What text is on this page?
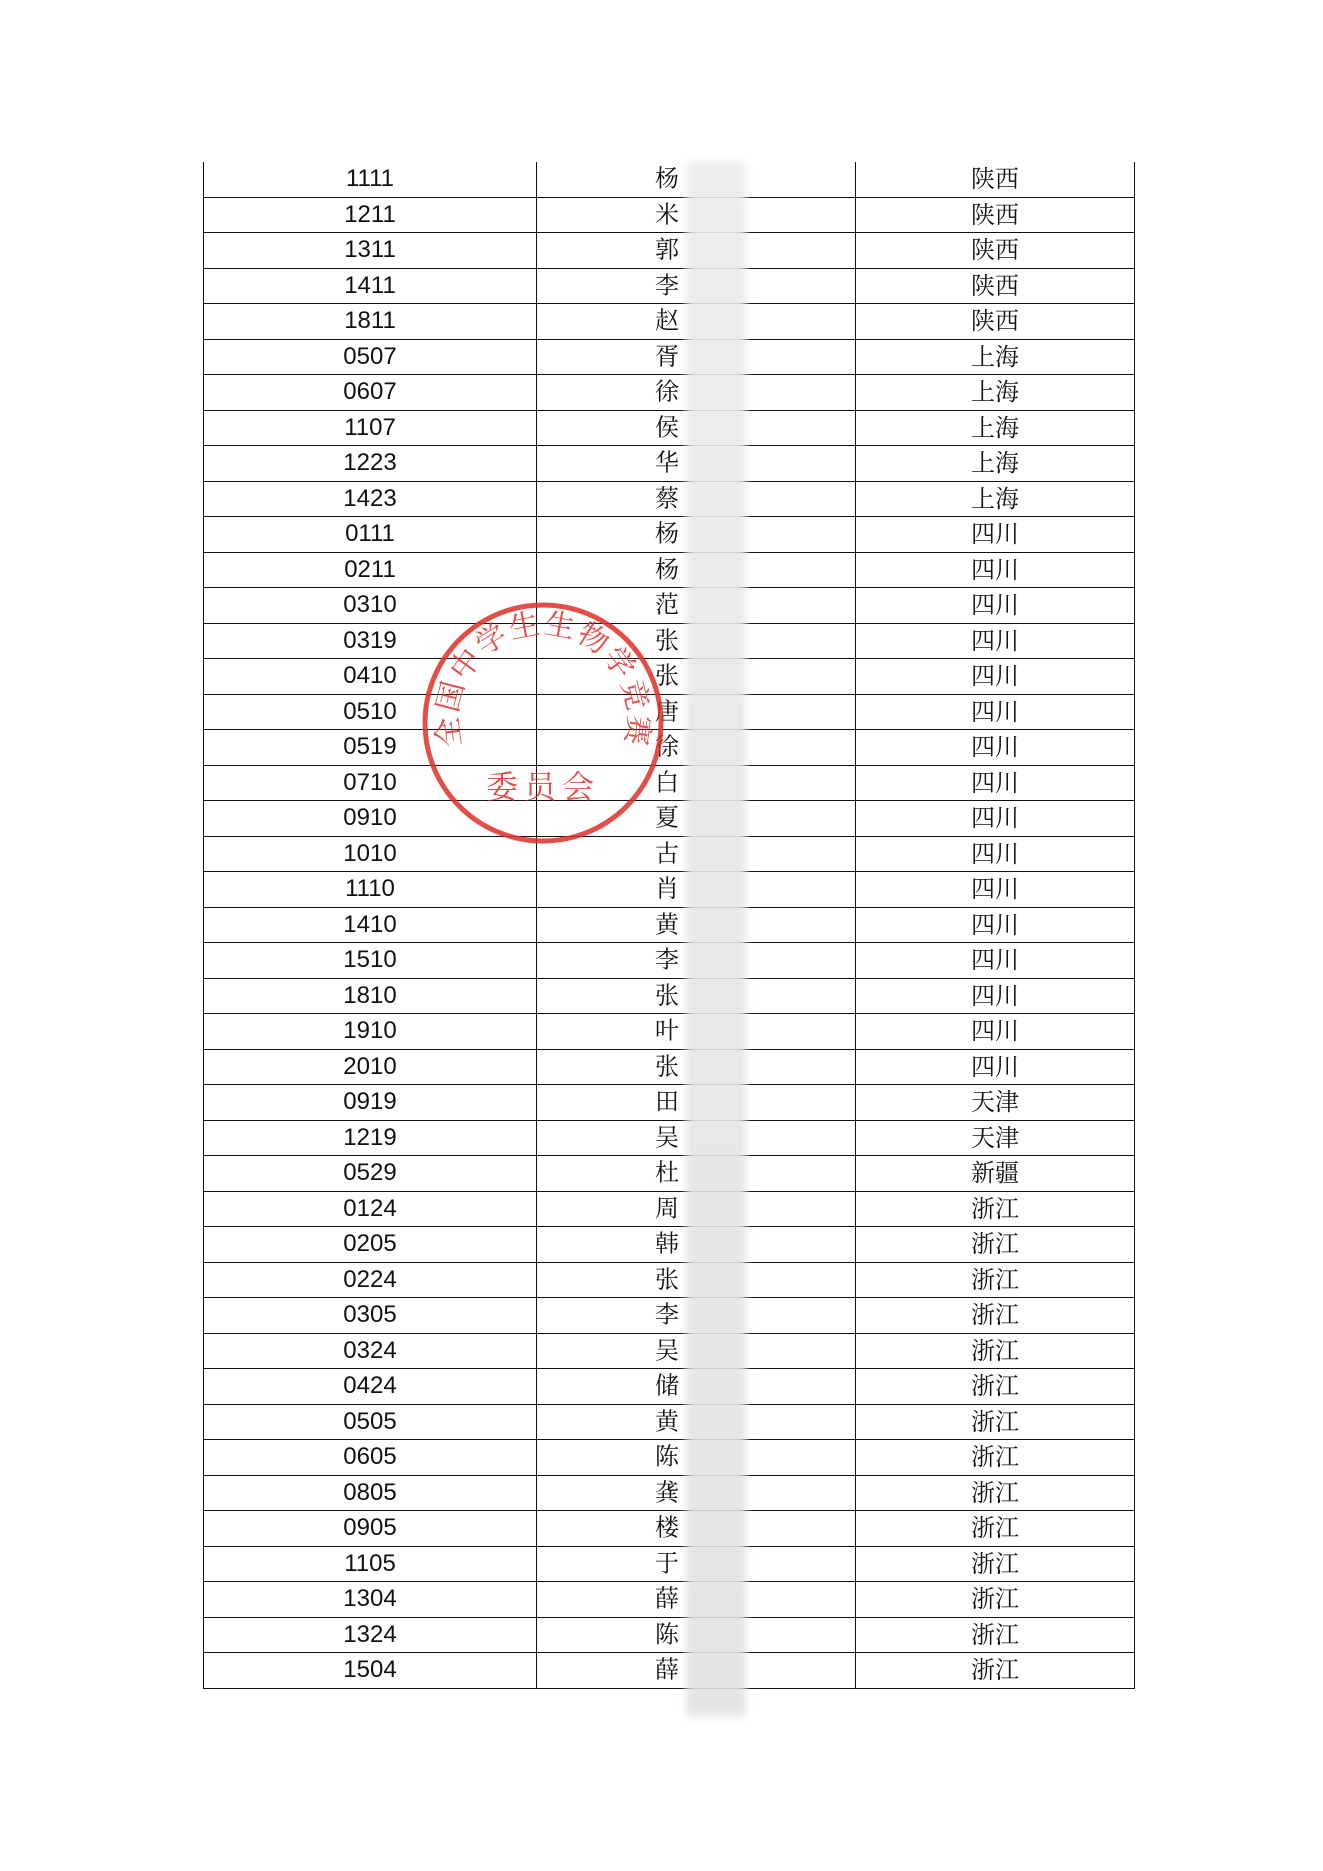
1111	杨	陕西
1211	米	陕西
1311	郭	陕西
1411	李	陕西
1811	赵	陕西
0507	胥	上海
0607	徐	上海
1107	侯	上海
1223	华	上海
1423	蔡	上海
0111	杨	四川
0211	杨	四川
0310	范	四川
0319	张	四川
0410	张	四川
0510	唐	四川
0519	徐	四川
0710	白	四川
0910	夏	四川
1010	古	四川
1110	肖	四川
1410	黄	四川
1510	李	四川
1810	张	四川
1910	叶	四川
2010	张	四川
0919	田	天津
1219	吴	天津
0529	杜	新疆
0124	周	浙江
0205	韩	浙江
0224	张	浙江
0305	李	浙江
0324	吴	浙江
0424	储	浙江
0505	黄	浙江
0605	陈	浙江
0805	龚	浙江
0905	楼	浙江
1105	于	浙江
1304	薛	浙江
1324	陈	浙江
1504	薛	浙江
全国中学生生物学竞赛
委员会
